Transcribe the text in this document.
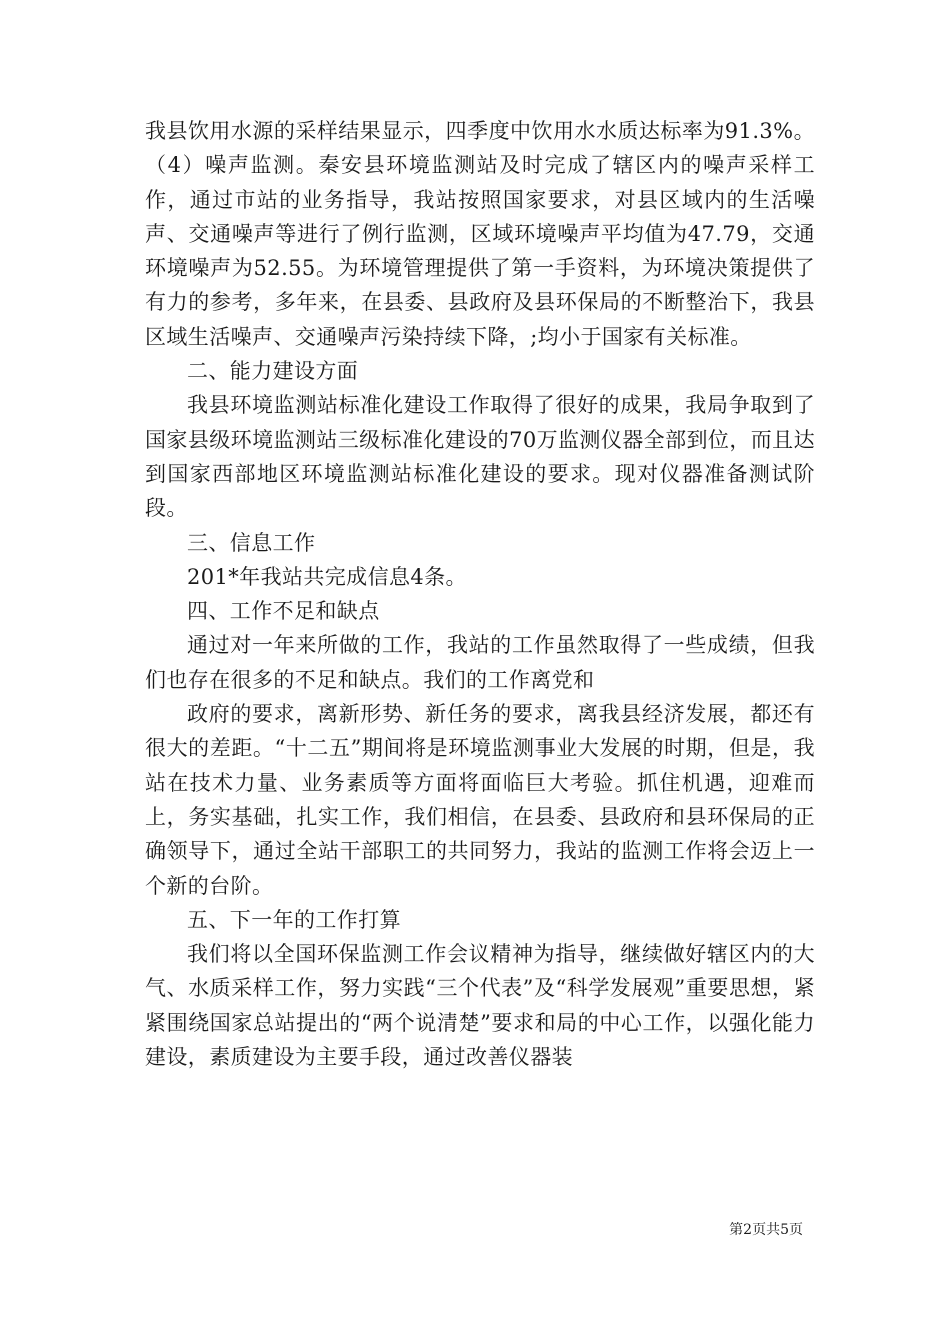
我县饮用水源的采样结果显示，四季度中饮用水水质达标率为91.3%。（4）噪声监测。秦安县环境监测站及时完成了辖区内的噪声采样工作，通过市站的业务指导，我站按照国家要求，对县区域内的生活噪声、交通噪声等进行了例行监测，区域环境噪声平均值为47.79，交通环境噪声为52.55。为环境管理提供了第一手资料，为环境决策提供了有力的参考，多年来，在县委、县政府及县环保局的不断整治下，我县区域生活噪声、交通噪声污染持续下降，;均小于国家有关标准。

二、能力建设方面

我县环境监测站标准化建设工作取得了很好的成果，我局争取到了国家县级环境监测站三级标准化建设的70万监测仪器全部到位，而且达到国家西部地区环境监测站标准化建设的要求。现对仪器准备测试阶段。

三、信息工作

201*年我站共完成信息4条。

四、工作不足和缺点

通过对一年来所做的工作，我站的工作虽然取得了一些成绩，但我们也存在很多的不足和缺点。我们的工作离党和

政府的要求，离新形势、新任务的要求，离我县经济发展，都还有很大的差距。“十二五”期间将是环境监测事业大发展的时期，但是，我站在技术力量、业务素质等方面将面临巨大考验。抓住机遇，迎难而上，务实基础，扎实工作，我们相信，在县委、县政府和县环保局的正确领导下，通过全站干部职工的共同努力，我站的监测工作将会迈上一个新的台阶。

五、下一年的工作打算

我们将以全国环保监测工作会议精神为指导，继续做好辖区内的大气、水质采样工作，努力实践“三个代表”及“科学发展观”重要思想，紧紧围绕国家总站提出的“两个说清楚”要求和局的中心工作，以强化能力建设，素质建设为主要手段，通过改善仪器装

第2页共5页
